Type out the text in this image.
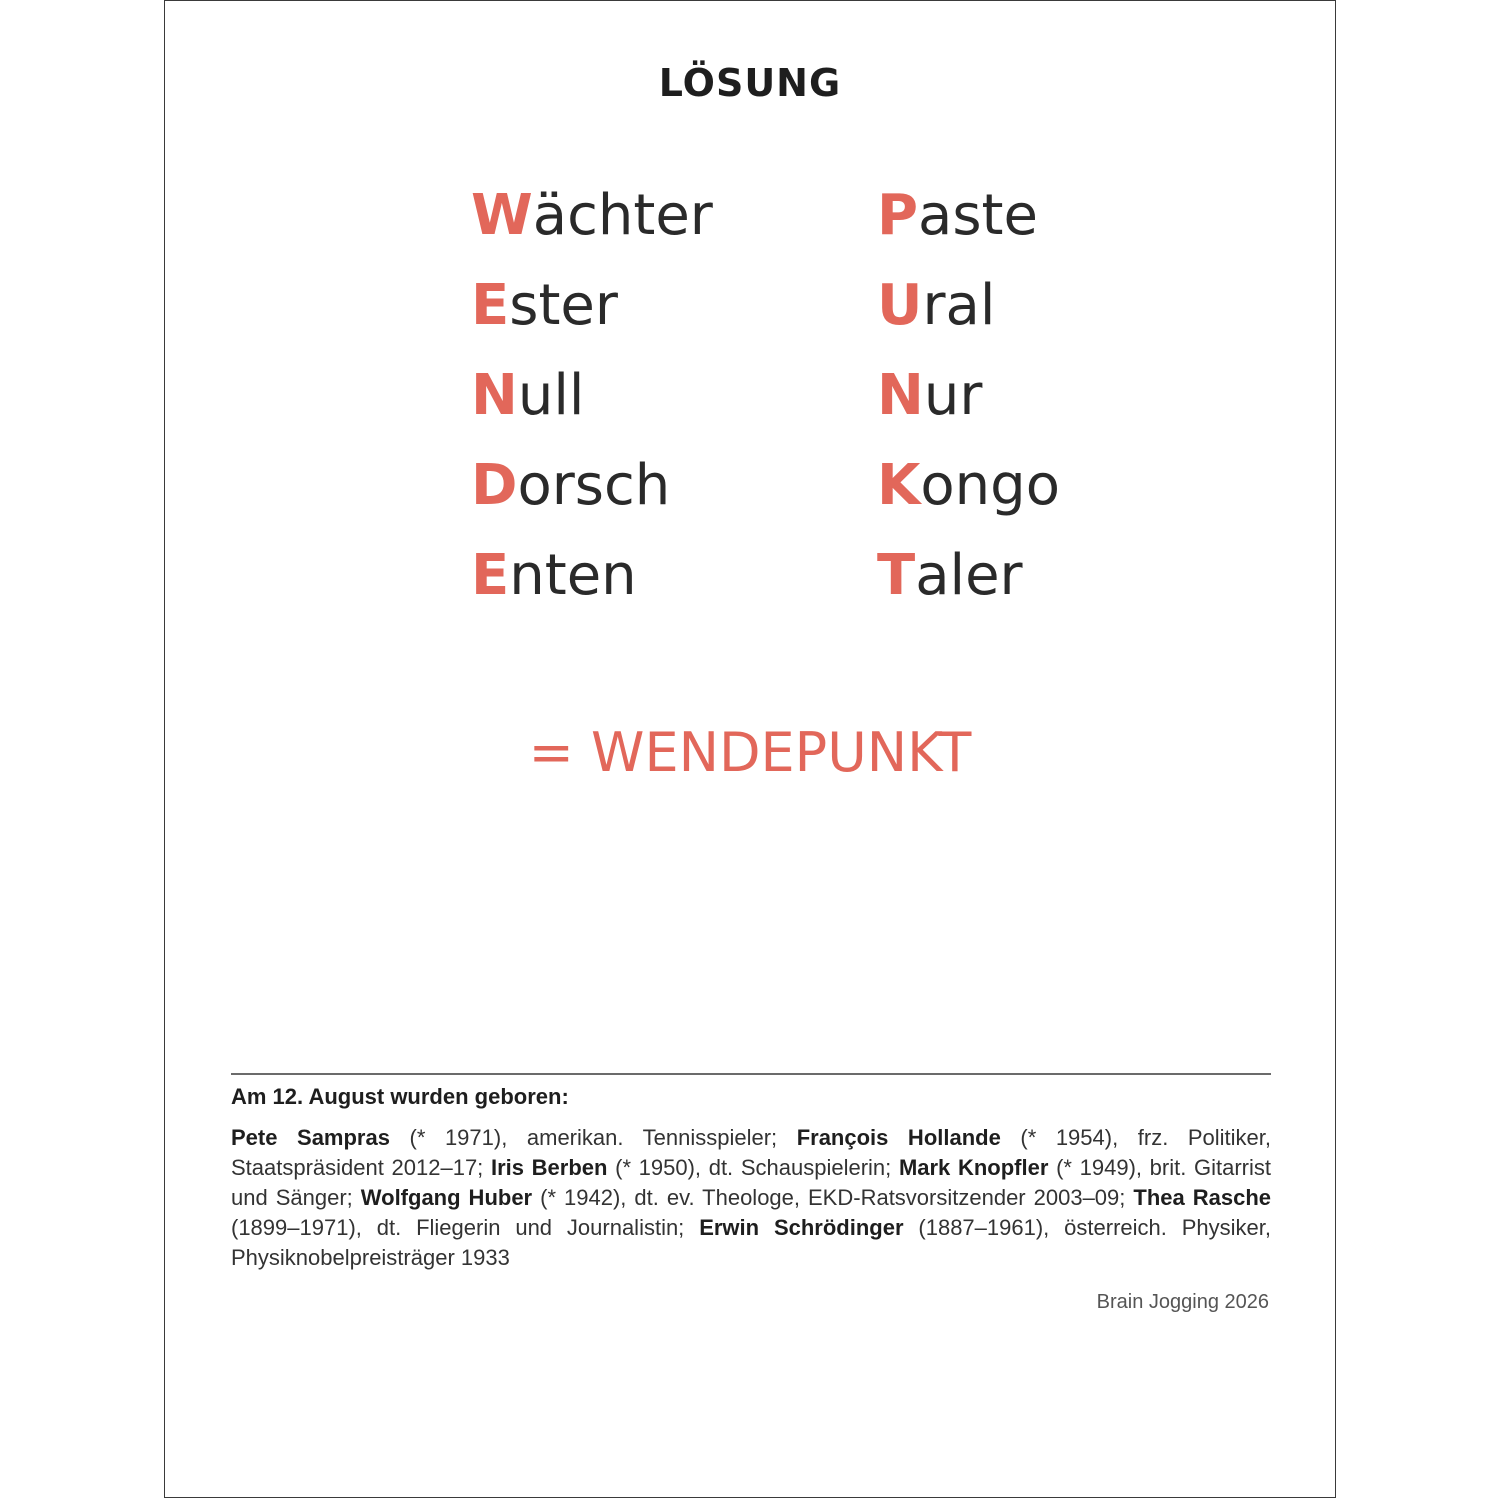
LÖSUNG
Wächter
Ester
Null
Dorsch
Enten
Paste
Ural
Nur
Kongo
Taler
= WENDEPUNKT
Am 12. August wurden geboren:
Pete Sampras (* 1971), amerikan. Tennisspieler; François Hollande (* 1954), frz. Politiker, Staatspräsident 2012–17; Iris Berben (* 1950), dt. Schauspielerin; Mark Knopfler (* 1949), brit. Gitarrist und Sänger; Wolfgang Huber (* 1942), dt. ev. Theologe, EKD-Ratsvorsitzender 2003–09; Thea Rasche (1899–1971), dt. Fliegerin und Journalistin; Erwin Schrödinger (1887–1961), österreich. Physiker, Physiknobelpreisträger 1933
Brain Jogging 2026
